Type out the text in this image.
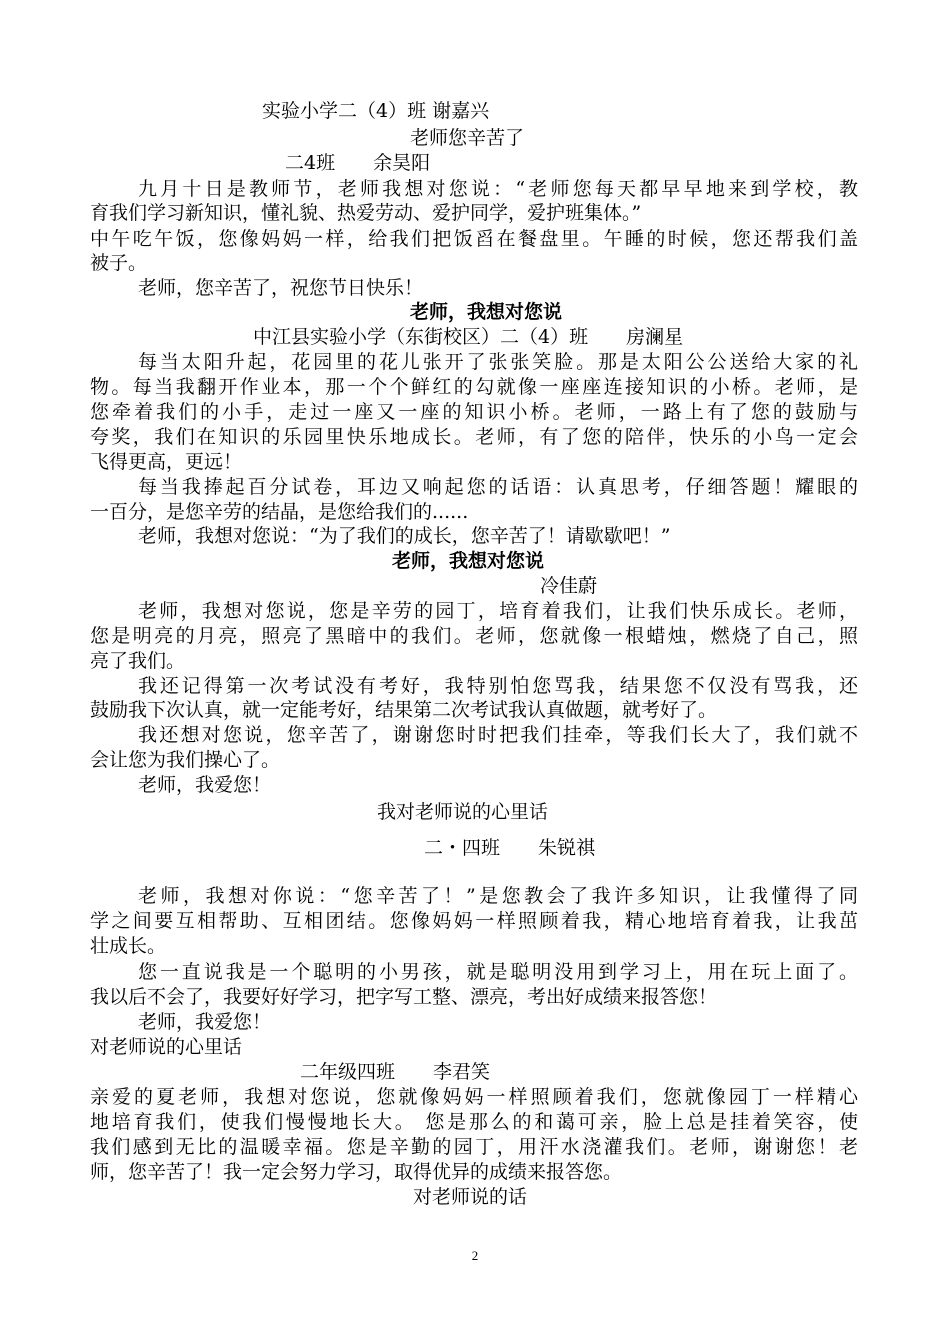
实验小学二（4）班 谢嘉兴
老师您辛苦了
二4班　　余昊阳
九月十日是教师节，老师我想对您说：“老师您每天都早早地来到学校，教
育我们学习新知识，懂礼貌、热爱劳动、爱护同学，爱护班集体。”
中午吃午饭，您像妈妈一样，给我们把饭舀在餐盘里。午睡的时候，您还帮我们盖
被子。
老师，您辛苦了，祝您节日快乐！
老师，我想对您说
中江县实验小学（东街校区）二（4）班　　房澜星
每当太阳升起，花园里的花儿张开了张张笑脸。那是太阳公公送给大家的礼
物。每当我翻开作业本，那一个个鲜红的勾就像一座座连接知识的小桥。老师，是
您牵着我们的小手，走过一座又一座的知识小桥。老师，一路上有了您的鼓励与
夸奖，我们在知识的乐园里快乐地成长。老师，有了您的陪伴，快乐的小鸟一定会
飞得更高，更远！
每当我捧起百分试卷，耳边又响起您的话语：认真思考，仔细答题！耀眼的
一百分，是您辛劳的结晶，是您给我们的......
老师，我想对您说：“为了我们的成长，您辛苦了！请歇歇吧！”
老师，我想对您说
冷佳蔚
老师，我想对您说，您是辛劳的园丁，培育着我们，让我们快乐成长。老师，
您是明亮的月亮，照亮了黑暗中的我们。老师，您就像一根蜡烛，燃烧了自己，照
亮了我们。
我还记得第一次考试没有考好，我特别怕您骂我，结果您不仅没有骂我，还
鼓励我下次认真，就一定能考好，结果第二次考试我认真做题，就考好了。
我还想对您说，您辛苦了，谢谢您时时把我们挂牵，等我们长大了，我们就不
会让您为我们操心了。
老师，我爱您！
我对老师说的心里话
二・四班　　朱锐祺
老师，我想对你说：“您辛苦了！”是您教会了我许多知识，让我懂得了同
学之间要互相帮助、互相团结。您像妈妈一样照顾着我，精心地培育着我，让我茁
壮成长。
您一直说我是一个聪明的小男孩，就是聪明没用到学习上，用在玩上面了。
我以后不会了，我要好好学习，把字写工整、漂亮，考出好成绩来报答您！
老师，我爱您！
对老师说的心里话
二年级四班　　李君笑
亲爱的夏老师，我想对您说，您就像妈妈一样照顾着我们，您就像园丁一样精心
地培育我们，使我们慢慢地长大。 您是那么的和蔼可亲，脸上总是挂着笑容，使
我们感到无比的温暖幸福。您是辛勤的园丁，用汗水浇灌我们。老师，谢谢您！老
师，您辛苦了！我一定会努力学习，取得优异的成绩来报答您。
对老师说的话
2
